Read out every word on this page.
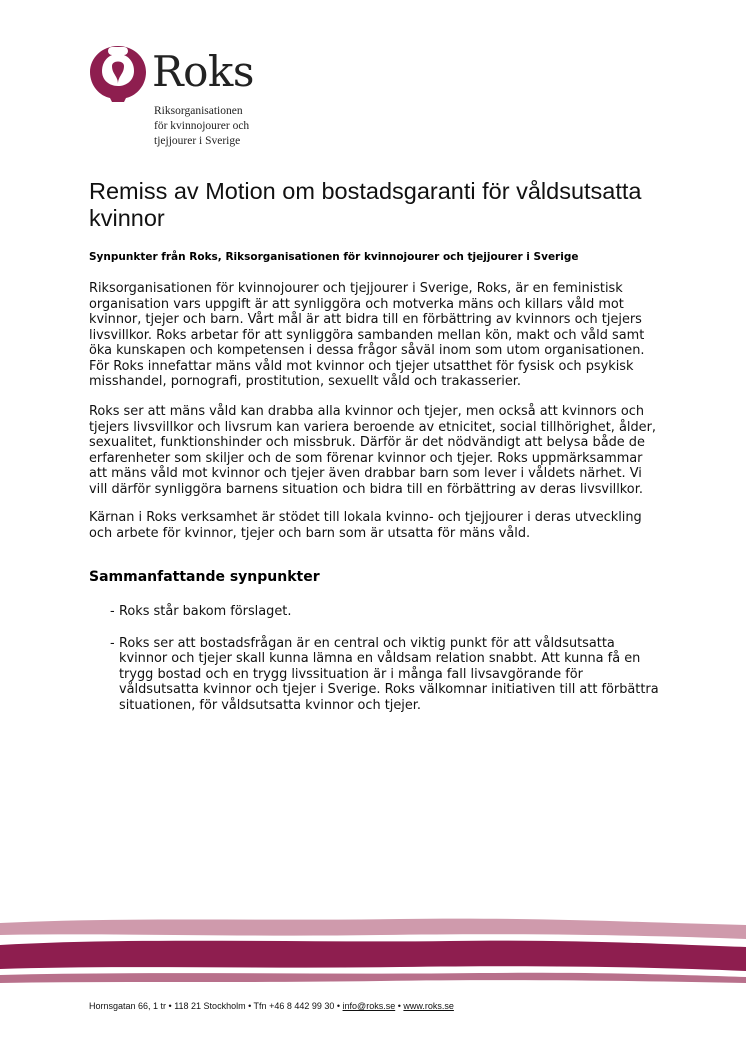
Roks
Riksorganisationen
för kvinnojourer och
tjejjourer i Sverige
Remiss av Motion om bostadsgaranti för våldsutsatta kvinnor
Synpunkter från Roks, Riksorganisationen för kvinnojourer och tjejjourer i Sverige

Riksorganisationen för kvinnojourer och tjejjourer i Sverige, Roks, är en feministisk organisation vars uppgift är att synliggöra och motverka mäns och killars våld mot kvinnor, tjejer och barn. Vårt mål är att bidra till en förbättring av kvinnors och tjejers livsvillkor. Roks arbetar för att synliggöra sambanden mellan kön, makt och våld samt öka kunskapen och kompetensen i dessa frågor såväl inom som utom organisationen. För Roks innefattar mäns våld mot kvinnor och tjejer utsatthet för fysisk och psykisk misshandel, pornografi, prostitution, sexuellt våld och trakasserier.

Roks ser att mäns våld kan drabba alla kvinnor och tjejer, men också att kvinnors och tjejers livsvillkor och livsrum kan variera beroende av etnicitet, social tillhörighet, ålder, sexualitet, funktionshinder och missbruk. Därför är det nödvändigt att belysa både de erfarenheter som skiljer och de som förenar kvinnor och tjejer. Roks uppmärksammar att mäns våld mot kvinnor och tjejer även drabbar barn som lever i våldets närhet. Vi vill därför synliggöra barnens situation och bidra till en förbättring av deras livsvillkor.

Kärnan i Roks verksamhet är stödet till lokala kvinno- och tjejjourer i deras utveckling och arbete för kvinnor, tjejer och barn som är utsatta för mäns våld.

Sammanfattande synpunkter
- Roks står bakom förslaget.
- Roks ser att bostadsfrågan är en central och viktig punkt för att våldsutsatta kvinnor och tjejer skall kunna lämna en våldsam relation snabbt. Att kunna få en trygg bostad och en trygg livssituation är i många fall livsavgörande för våldsutsatta kvinnor och tjejer i Sverige. Roks välkomnar initiativen till att förbättra situationen, för våldsutsatta kvinnor och tjejer.
Hornsgatan 66, 1 tr • 118 21 Stockholm • Tfn +46 8 442 99 30 • info@roks.se • www.roks.se
